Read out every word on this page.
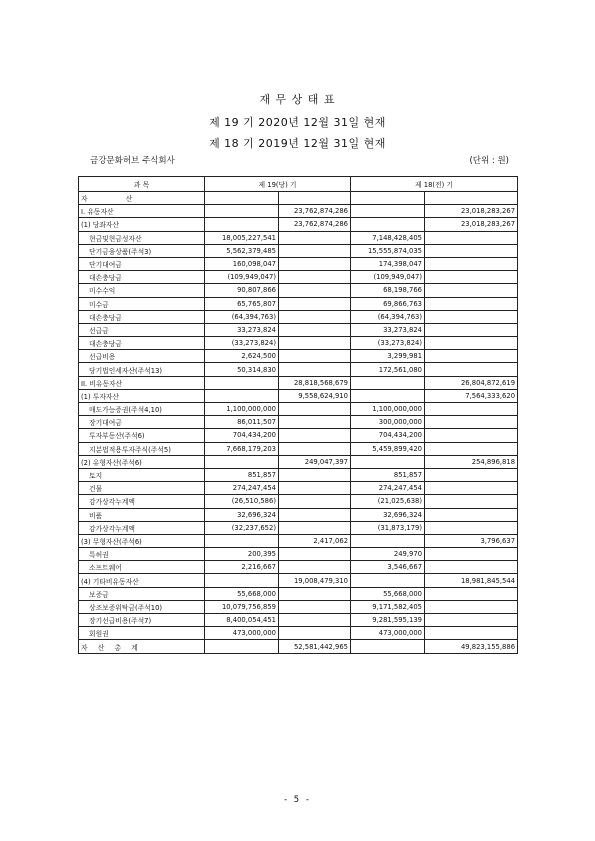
재 무 상 태 표
제 19 기 2020년 12월 31일 현재
제 18 기 2019년 12월 31일 현재
금강문화허브 주식회사	(단위 : 원)
과 목	제 19(당) 기		제 18(전) 기	
자 산				
I. 유동자산		23,762,874,286		23,018,283,267
(1) 당좌자산		23,762,874,286		23,018,283,267
현금및현금성자산	18,005,227,541		7,148,428,405	
단기금융상품(주석3)	5,562,379,485		15,555,874,035	
단기대여금	160,098,047		174,398,047	
대손충당금	(109,949,047)		(109,949,047)	
미수수익	90,807,866		68,198,766	
미수금	65,765,807		69,866,763	
대손충당금	(64,394,763)		(64,394,763)	
선급금	33,273,824		33,273,824	
대손충당금	(33,273,824)		(33,273,824)	
선급비용	2,624,500		3,299,981	
당기법인세자산(주석13)	50,314,830		172,561,080	
II. 비유동자산		28,818,568,679		26,804,872,619
(1) 투자자산		9,558,624,910		7,564,333,620
매도가능증권(주석4,10)	1,100,000,000		1,100,000,000	
장기대여금	86,011,507		300,000,000	
투자부동산(주석6)	704,434,200		704,434,200	
지분법적용투자주식(주석5)	7,668,179,203		5,459,899,420	
(2) 유형자산(주석6)		249,047,397		254,896,818
토지	851,857		851,857	
건물	274,247,454		274,247,454	
감가상각누계액	(26,510,586)		(21,025,638)	
비품	32,696,324		32,696,324	
감가상각누계액	(32,237,652)		(31,873,179)	
(3) 무형자산(주석6)		2,417,062		3,796,637
특허권	200,395		249,970	
소프트웨어	2,216,667		3,546,667	
(4) 기타비유동자산		19,008,479,310		18,981,845,544
보증금	55,668,000		55,668,000	
상조보증위탁금(주석10)	10,079,756,859		9,171,582,405	
장기선급비용(주석7)	8,400,054,451		9,281,595,139	
회원권	473,000,000		473,000,000	
자 산 총 계		52,581,442,965		49,823,155,886
- 5 -
